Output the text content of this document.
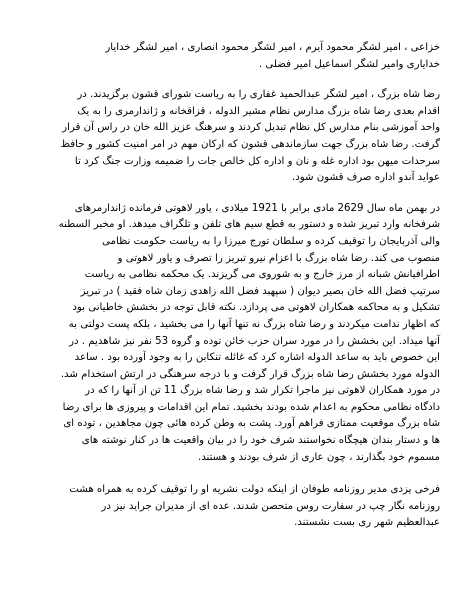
خزاعی ، امیر لشگر محمود آیرم ، امیر لشگر محمود انصاری ، امیر لشگر خدایار
خدایاری وامیر لشگر اسماعیل امیر فضلی .

رضا شاه بزرگ ، امیر لشگر عبدالحمید غفاری را به ریاست شورای قشون برگزیدند. در
اقدام بعدی رضا شاه بزرگ مدارس نظام مشیر الدوله ، قزاقخانه و ژاندارمری را به یک
واحد آموزشی بنام مدارس کل نظام تبدیل کردند و سرهنگ عزیز الله خان در راس آن قرار
گرفت. رضا شاه بزرگ جهت سازماندهی قشون که ارکان مهم در امر امنیت کشور و حافظ
سرحدات میهن بود اداره غله و نان و اداره کل خالص جات را ضمیمه وزارت جنگ کرد تا
عواید آندو اداره صرف قشون شود.

در بهمن ماه سال 2629 مادی برابر با 1921 میلادی ، یاور لاهوتی فرمانده ژاندارمرهای
شرفخانه وارد تبریز شده و دستور به قطع سیم های تلفن و تلگراف میدهد. او مخبر السطنه
والی آذربایجان را توقیف کرده و سلطان تورج میرزا را به ریاست حکومت نظامی
منصوب می کند. رضا شاه بزرگ با اعزام نیرو تبریز را تصرف و یاور لاهوتی و
اطرافیانش شبانه از مرز خارج و به شوروی می گریزند. یک محکمه نظامی به ریاست
سرتیپ فضل الله خان بصیر دیوان ( سپهبد فضل الله زاهدی زمان شاه فقید ) در تبریز
تشکیل و به محاکمه همکاران لاهوتی می پردازد. نکته قابل توجه در بخشش خاطیانی بود
که اظهار ندامت میکردند و رضا شاه بزرگ نه تنها آنها را می بخشید ، بلکه پست دولتی به
آنها میداد. این بخشش را در مورد سران حزب خائن توده و گروه 53 نفر نیز شاهدیم . در
این خصوص باید به ساعد الدوله اشاره کرد که غائله تنکابن را به وجود آورده بود . ساعد
الدوله مورد بخشش رضا شاه بزرگ قرار گرفت و با درجه سرهنگی در ارتش استخدام شد.
در مورد همکاران لاهوتی نیز ماجرا تکرار شد و رضا شاه بزرگ 11 تن از آنها را که در
دادگاه نظامی محکوم به اعدام شده بودند بخشید. تمام این اقدامات و پیروزی ها برای رضا
شاه بزرگ موقعیت ممتازی فراهم آورد. پشت به وطن کرده هائی چون مجاهدین ، توده ای
ها و دستار بندان هیچگاه نخواستند شرف خود را در بیان واقعیت ها در کنار نوشته های
مسموم خود بگذارند ، چون عاری از شرف بودند و هستند.

فرخی یزدی مدیر روزنامه طوفان از اینکه دولت نشریه او را توقیف کرده به همراه هشت
روزنامه نگار چپ در سفارت روس متحصن شدند. عده ای از مدیران جراید نیز در
عبدالعظیم شهر ری بست نشستند.
